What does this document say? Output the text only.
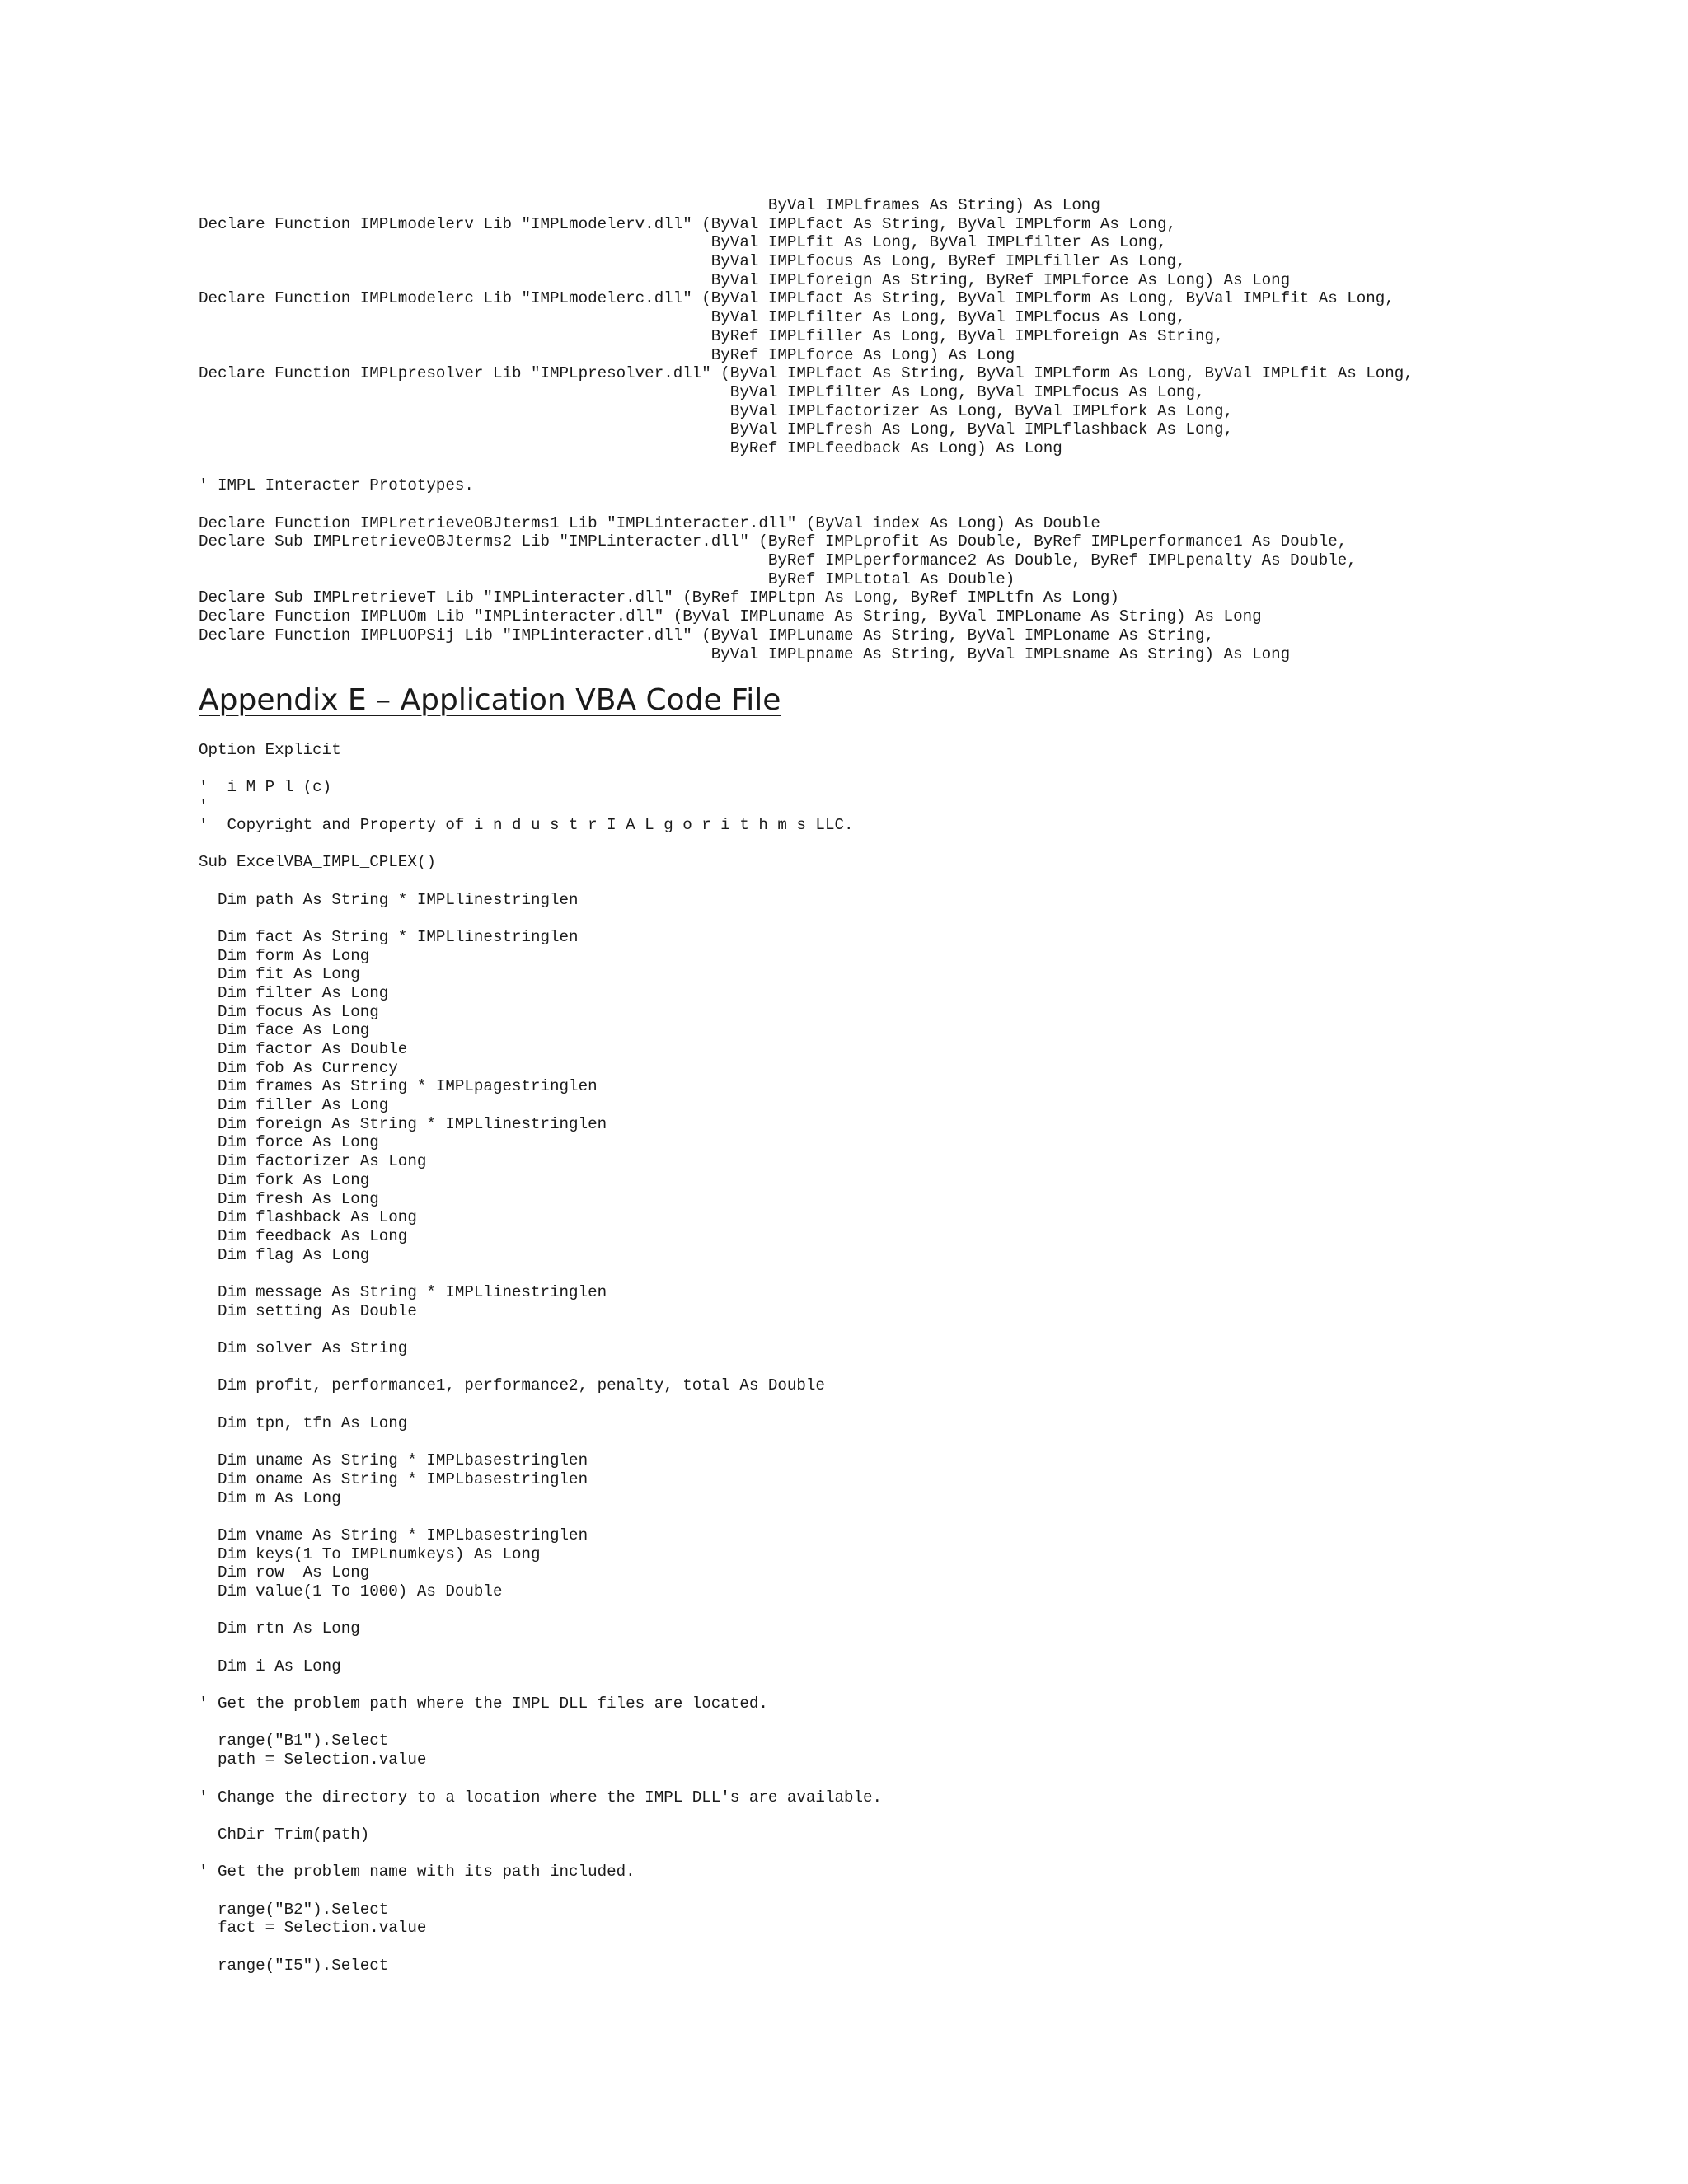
ByVal IMPLframes As String) As Long
Declare Function IMPLmodelerv Lib "IMPLmodelerv.dll" (ByVal IMPLfact As String, ByVal IMPLform As Long,
ByVal IMPLfit As Long, ByVal IMPLfilter As Long,
ByVal IMPLfocus As Long, ByRef IMPLfiller As Long,
ByVal IMPLforeign As String, ByRef IMPLforce As Long) As Long
Declare Function IMPLmodelerc Lib "IMPLmodelerc.dll" (ByVal IMPLfact As String, ByVal IMPLform As Long, ByVal IMPLfit As Long,
ByVal IMPLfilter As Long, ByVal IMPLfocus As Long,
ByRef IMPLfiller As Long, ByVal IMPLforeign As String,
ByRef IMPLforce As Long) As Long
Declare Function IMPLpresolver Lib "IMPLpresolver.dll" (ByVal IMPLfact As String, ByVal IMPLform As Long, ByVal IMPLfit As Long,
ByVal IMPLfilter As Long, ByVal IMPLfocus As Long,
ByVal IMPLfactorizer As Long, ByVal IMPLfork As Long,
ByVal IMPLfresh As Long, ByVal IMPLflashback As Long,
ByRef IMPLfeedback As Long) As Long

' IMPL Interacter Prototypes.

Declare Function IMPLretrieveOBJterms1 Lib "IMPLinteracter.dll" (ByVal index As Long) As Double
Declare Sub IMPLretrieveOBJterms2 Lib "IMPLinteracter.dll" (ByRef IMPLprofit As Double, ByRef IMPLperformance1 As Double,
ByRef IMPLperformance2 As Double, ByRef IMPLpenalty As Double,
ByRef IMPLtotal As Double)
Declare Sub IMPLretrieveT Lib "IMPLinteracter.dll" (ByRef IMPLtpn As Long, ByRef IMPLtfn As Long)
Declare Function IMPLUOm Lib "IMPLinteracter.dll" (ByVal IMPLuname As String, ByVal IMPLoname As String) As Long
Declare Function IMPLUOPSij Lib "IMPLinteracter.dll" (ByVal IMPLuname As String, ByVal IMPLoname As String,
ByVal IMPLpname As String, ByVal IMPLsname As String) As Long
Appendix E – Application VBA Code File
Option Explicit

'  i M P l (c)
'
'  Copyright and Property of i n d u s t r I A L g o r i t h m s LLC.

Sub ExcelVBA_IMPL_CPLEX()

Dim path As String * IMPLlinestringlen

Dim fact As String * IMPLlinestringlen
Dim form As Long
Dim fit As Long
Dim filter As Long
Dim focus As Long
Dim face As Long
Dim factor As Double
Dim fob As Currency
Dim frames As String * IMPLpagestringlen
Dim filler As Long
Dim foreign As String * IMPLlinestringlen
Dim force As Long
Dim factorizer As Long
Dim fork As Long
Dim fresh As Long
Dim flashback As Long
Dim feedback As Long
Dim flag As Long

Dim message As String * IMPLlinestringlen
Dim setting As Double

Dim solver As String

Dim profit, performance1, performance2, penalty, total As Double

Dim tpn, tfn As Long

Dim uname As String * IMPLbasestringlen
Dim oname As String * IMPLbasestringlen
Dim m As Long

Dim vname As String * IMPLbasestringlen
Dim keys(1 To IMPLnumkeys) As Long
Dim row  As Long
Dim value(1 To 1000) As Double

Dim rtn As Long

Dim i As Long

' Get the problem path where the IMPL DLL files are located.

range("B1").Select
path = Selection.value

' Change the directory to a location where the IMPL DLL's are available.

ChDir Trim(path)

' Get the problem name with its path included.

range("B2").Select
fact = Selection.value

range("I5").Select
